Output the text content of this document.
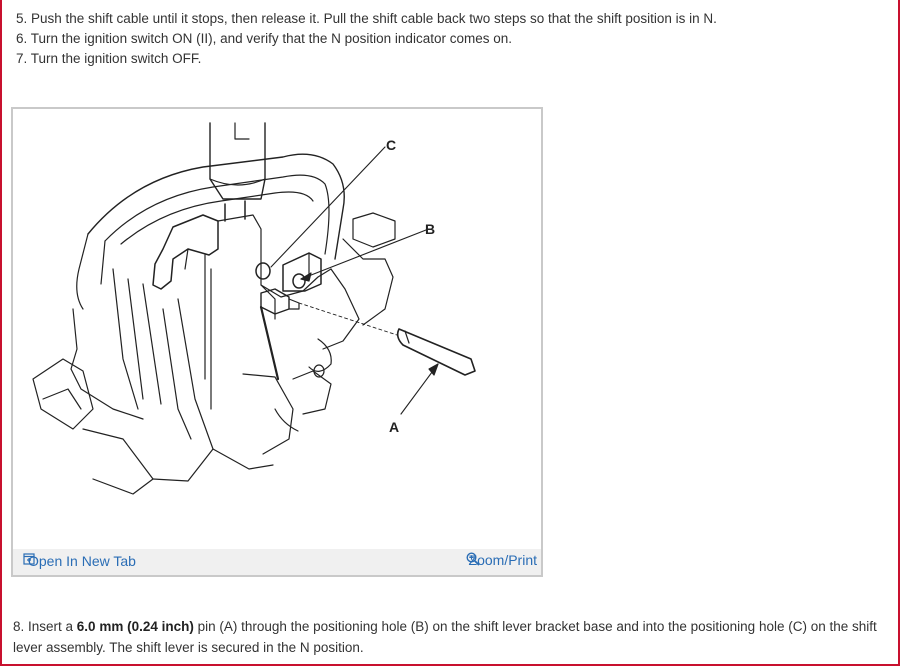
5. Push the shift cable until it stops, then release it. Pull the shift cable back two steps so that the shift position is in N.
6. Turn the ignition switch ON (II), and verify that the N position indicator comes on.
7. Turn the ignition switch OFF.
C
B
A
Open In New Tab	Zoom/Print
8. Insert a 6.0 mm (0.24 inch) pin (A) through the positioning hole (B) on the shift lever bracket base and into the positioning hole (C) on the shift lever assembly. The shift lever is secured in the N position.
